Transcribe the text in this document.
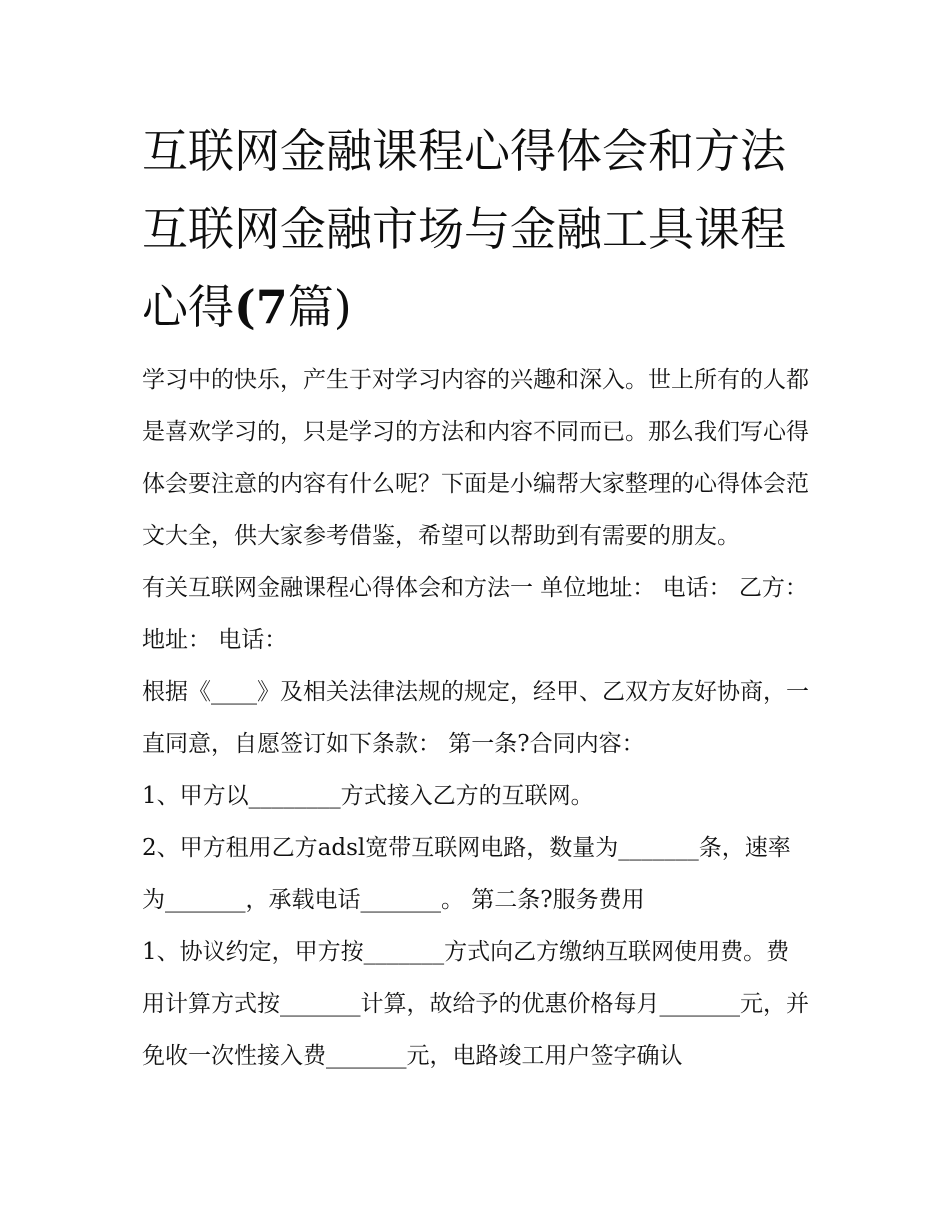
互联网金融课程心得体会和方法 互联网金融市场与金融工具课程心得(7篇)

学习中的快乐，产生于对学习内容的兴趣和深入。世上所有的人都是喜欢学习的，只是学习的方法和内容不同而已。那么我们写心得体会要注意的内容有什么呢？下面是小编帮大家整理的心得体会范文大全，供大家参考借鉴，希望可以帮助到有需要的朋友。

有关互联网金融课程心得体会和方法一 单位地址： 电话： 乙方： 地址： 电话：

根据《____》及相关法律法规的规定，经甲、乙双方友好协商，一直同意，自愿签订如下条款： 第一条?合同内容：

1、甲方以________方式接入乙方的互联网。

2、甲方租用乙方adsl宽带互联网电路，数量为_______条，速率为_______，承载电话_______。 第二条?服务费用

1、协议约定，甲方按_______方式向乙方缴纳互联网使用费。费用计算方式按_______计算，故给予的优惠价格每月_______元，并免收一次性接入费_______元，电路竣工用户签字确认
